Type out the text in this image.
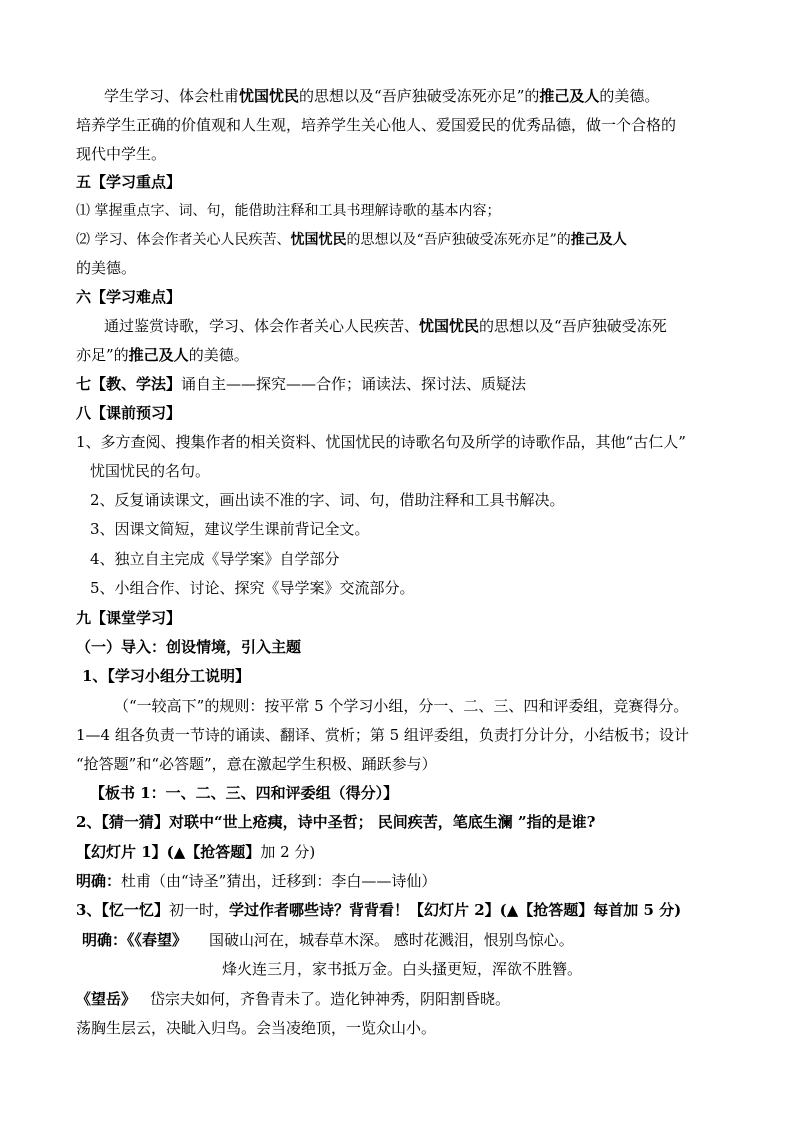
学生学习、体会杜甫忧国忧民的思想以及“吾庐独破受冻死亦足”的推己及人的美德。
培养学生正确的价值观和人生观，培养学生关心他人、爱国爱民的优秀品德，做一个合格的
现代中学生。
五【学习重点】
⑴ 掌握重点字、词、句，能借助注释和工具书理解诗歌的基本内容；
⑵ 学习、体会作者关心人民疾苦、忧国忧民的思想以及“吾庐独破受冻死亦足”的推己及人
的美德。
六【学习难点】
通过鉴赏诗歌，学习、体会作者关心人民疾苦、忧国忧民的思想以及“吾庐独破受冻死
亦足”的推己及人的美德。
七【教、学法】诵自主——探究——合作；诵读法、探讨法、质疑法
八【课前预习】
1、多方查阅、搜集作者的相关资料、忧国忧民的诗歌名句及所学的诗歌作品，其他“古仁人”
忧国忧民的名句。
2、反复诵读课文，画出读不准的字、词、句，借助注释和工具书解决。
3、因课文简短，建议学生课前背记全文。
4、独立自主完成《导学案》自学部分
5、小组合作、讨论、探究《导学案》交流部分。
九【课堂学习】
（一）导入：创设情境，引入主题
1、【学习小组分工说明】
（“一较高下”的规则：按平常 5 个学习小组，分一、二、三、四和评委组，竞赛得分。
1—4 组各负责一节诗的诵读、翻译、赏析；第 5 组评委组，负责打分计分，小结板书；设计
“抢答题”和“必答题”，意在激起学生积极、踊跃参与）
【板书 1：一、二、三、四和评委组（得分）】
2、【猜一猜】对联中“世上疮痍，诗中圣哲； 民间疾苦，笔底生澜 ”指的是谁?
【幻灯片 1】(▲【抢答题】加 2 分)
明确：杜甫（由“诗圣”猜出，迁移到：李白——诗仙）
3、【忆一忆】初一时，学过作者哪些诗？背背看！【幻灯片 2】(▲【抢答题】每首加 5 分)
明确：《《春望》 国破山河在，城春草木深。 感时花溅泪，恨别鸟惊心。
烽火连三月，家书抵万金。白头搔更短，浑欲不胜簪。
《望岳》 岱宗夫如何，齐鲁青未了。造化钟神秀，阴阳割昏晓。
荡胸生层云，决眦入归鸟。会当凌绝顶，一览众山小。
